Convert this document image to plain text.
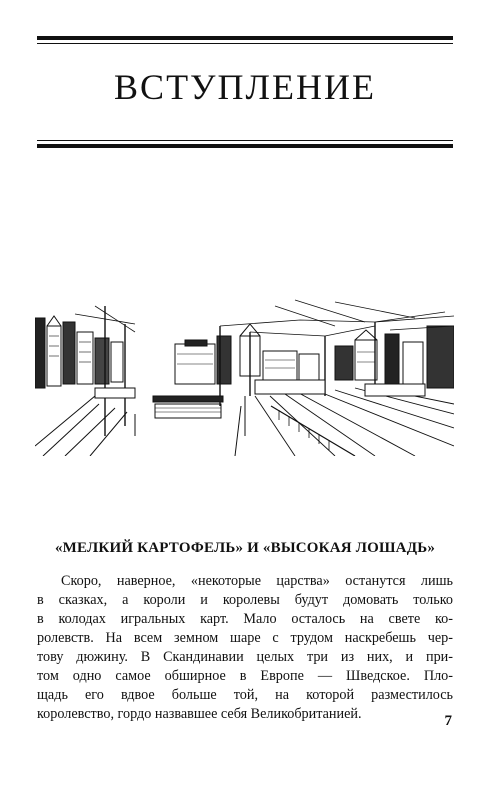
ВСТУПЛЕНИЕ
«МЕЛКИЙ КАРТОФЕЛЬ» И «ВЫСОКАЯ ЛОШАДЬ»
Скоро, наверное, «некоторые царства» останутся лишь
в сказках, а короли и королевы будут домовать только
в колодах игральных карт. Мало осталось на свете ко-
ролевств. На всем земном шаре с трудом наскребешь чер-
тову дюжину. В Скандинавии целых три из них, и при-
том одно самое обширное в Европе — Шведское. Пло-
щадь его вдвое больше той, на которой разместилось
королевство, гордо назвавшее себя Великобританией.	7
